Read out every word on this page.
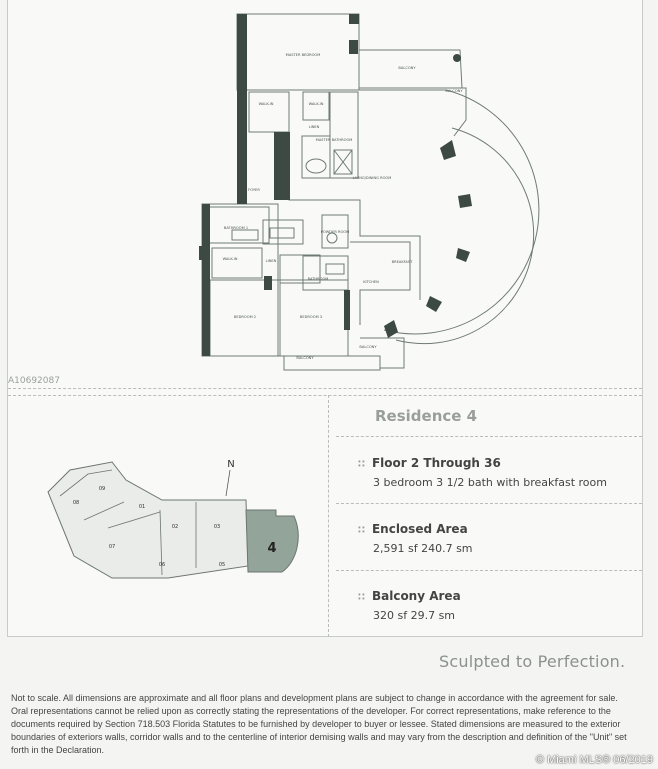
MASTER BEDROOM
BALCONY
BALCONY
WALK-IN	WALK-IN
LINEN
MASTER BATHROOM
LIVING/DINING ROOM
FOYER
BATHROOM 1
POWDER ROOM
BREAKFAST
WALK-IN	LINEN
BATHROOM
KITCHEN
BEDROOM 2	BEDROOM 3
BALCONY
BALCONY
N
08
09
01
02	03
07
06	05
4
A10692087
Residence 4
∷ Floor 2 Through 36
3 bedroom 3 1/2 bath with breakfast room
∷ Enclosed Area
2,591 sf 240.7 sm
∷ Balcony Area
320 sf 29.7 sm
Sculpted to Perfection.
Not to scale. All dimensions are approximate and all floor plans and development plans are subject to change in accordance with the agreement for sale. Oral representations cannot be relied upon as correctly stating the representations of the developer. For correct representations, make reference to the documents required by Section 718.503 Florida Statutes to be furnished by developer to buyer or lessee. Stated dimensions are measured to the exterior boundaries of exteriors walls, corridor walls and to the centerline of interior demising walls and may vary from the description and definition of the "Unit" set forth in the Declaration.
© Miami MLS® 06/2019
